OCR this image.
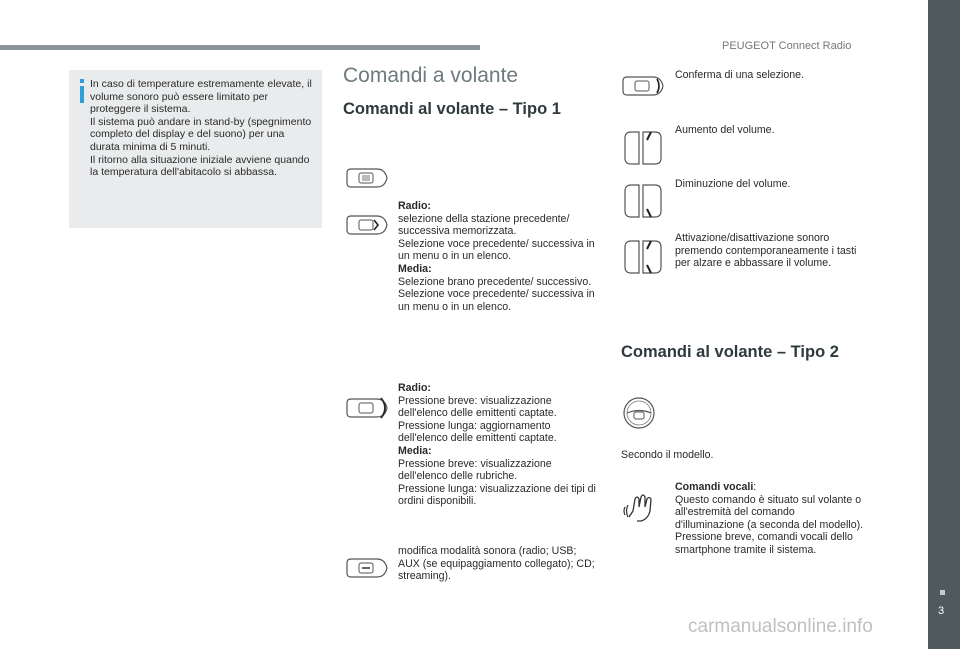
PEUGEOT Connect Radio
In caso di temperature estremamente elevate, il volume sonoro può essere limitato per proteggere il sistema.
Il sistema può andare in stand-by (spegnimento completo del display e del suono) per una durata minima di 5 minuti.
Il ritorno alla situazione iniziale avviene quando la temperatura dell'abitacolo si abbassa.
Comandi a volante
Comandi al volante – Tipo 1

Radio:
selezione della stazione precedente/ successiva memorizzata.
Selezione voce precedente/ successiva in un menu o in un elenco.
Media:
Selezione brano precedente/ successivo.
Selezione voce precedente/ successiva in un menu o in un elenco.

Radio:
Pressione breve: visualizzazione dell'elenco delle emittenti captate.
Pressione lunga: aggiornamento dell'elenco delle emittenti captate.
Media:
Pressione breve: visualizzazione dell'elenco delle rubriche.
Pressione lunga: visualizzazione dei tipi di ordini disponibili.

modifica modalità sonora (radio; USB; AUX (se equipaggiamento collegato); CD; streaming).

Conferma di una selezione.

Aumento del volume.

Diminuzione del volume.

Attivazione/disattivazione sonoro premendo contemporaneamente i tasti per alzare e abbassare il volume.

Comandi al volante – Tipo 2

Secondo il modello.

Comandi vocali:
Questo comando è situato sul volante o all'estremità del comando d'illuminazione (a seconda del modello).
Pressione breve, comandi vocali dello smartphone tramite il sistema.

3
carmanualsonline.info
